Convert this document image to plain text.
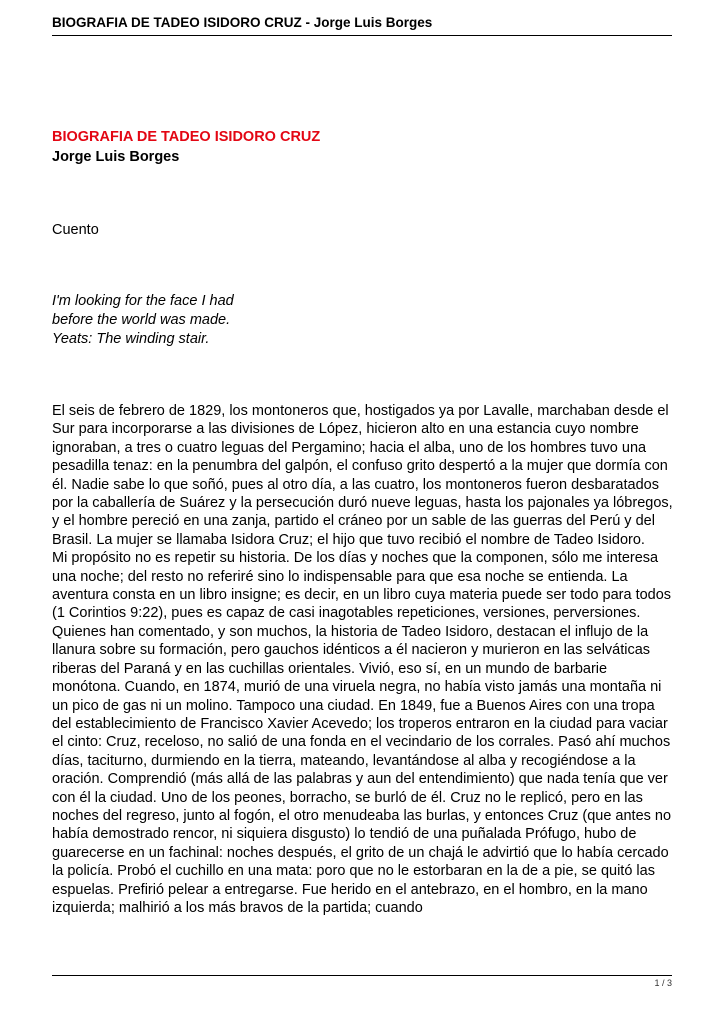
BIOGRAFIA DE TADEO ISIDORO CRUZ - Jorge Luis Borges
BIOGRAFIA DE TADEO ISIDORO CRUZ
Jorge Luis Borges
Cuento
I'm looking for the face I had
before the world was made.
Yeats: The winding stair.

El seis de febrero de 1829, los montoneros que, hostigados ya por Lavalle, marchaban desde el Sur para incorporarse a las divisiones de López, hicieron alto en una estancia cuyo nombre ignoraban, a tres o cuatro leguas del Pergamino; hacia el alba, uno de los hombres tuvo una pesadilla tenaz: en la penumbra del galpón, el confuso grito despertó a la mujer que dormía con él. Nadie sabe lo que soñó, pues al otro día, a las cuatro, los montoneros fueron desbaratados por la caballería de Suárez y la persecución duró nueve leguas, hasta los pajonales ya lóbregos, y el hombre pereció en una zanja, partido el cráneo por un sable de las guerras del Perú y del Brasil. La mujer se llamaba Isidora Cruz; el hijo que tuvo recibió el nombre de Tadeo Isidoro.

Mi propósito no es repetir su historia. De los días y noches que la componen, sólo me interesa una noche; del resto no referiré sino lo indispensable para que esa noche se entienda. La aventura consta en un libro insigne; es decir, en un libro cuya materia puede ser todo para todos (1 Corintios 9:22), pues es capaz de casi inagotables repeticiones, versiones, perversiones. Quienes han comentado, y son muchos, la historia de Tadeo Isidoro, destacan el influjo de la llanura sobre su formación, pero gauchos idénticos a él nacieron y murieron en las selváticas riberas del Paraná y en las cuchillas orientales. Vivió, eso sí, en un mundo de barbarie monótona. Cuando, en 1874, murió de una viruela negra, no había visto jamás una montaña ni un pico de gas ni un molino. Tampoco una ciudad. En 1849, fue a Buenos Aires con una tropa del establecimiento de Francisco Xavier Acevedo; los troperos entraron en la ciudad para vaciar el cinto: Cruz, receloso, no salió de una fonda en el vecindario de los corrales. Pasó ahí muchos días, taciturno, durmiendo en la tierra, mateando, levantándose al alba y recogiéndose a la oración. Comprendió (más allá de las palabras y aun del entendimiento) que nada tenía que ver con él la ciudad. Uno de los peones, borracho, se burló de él. Cruz no le replicó, pero en las noches del regreso, junto al fogón, el otro menudeaba las burlas, y entonces Cruz (que antes no había demostrado rencor, ni siquiera disgusto) lo tendió de una puñalada Prófugo, hubo de guarecerse en un fachinal: noches después, el grito de un chajá le advirtió que lo había cercado la policía. Probó el cuchillo en una mata: poro que no le estorbaran en la de a pie, se quitó las espuelas. Prefirió pelear a entregarse. Fue herido en el antebrazo, en el hombro, en la mano izquierda; malhirió a los más bravos de la partida; cuando

1 / 3
